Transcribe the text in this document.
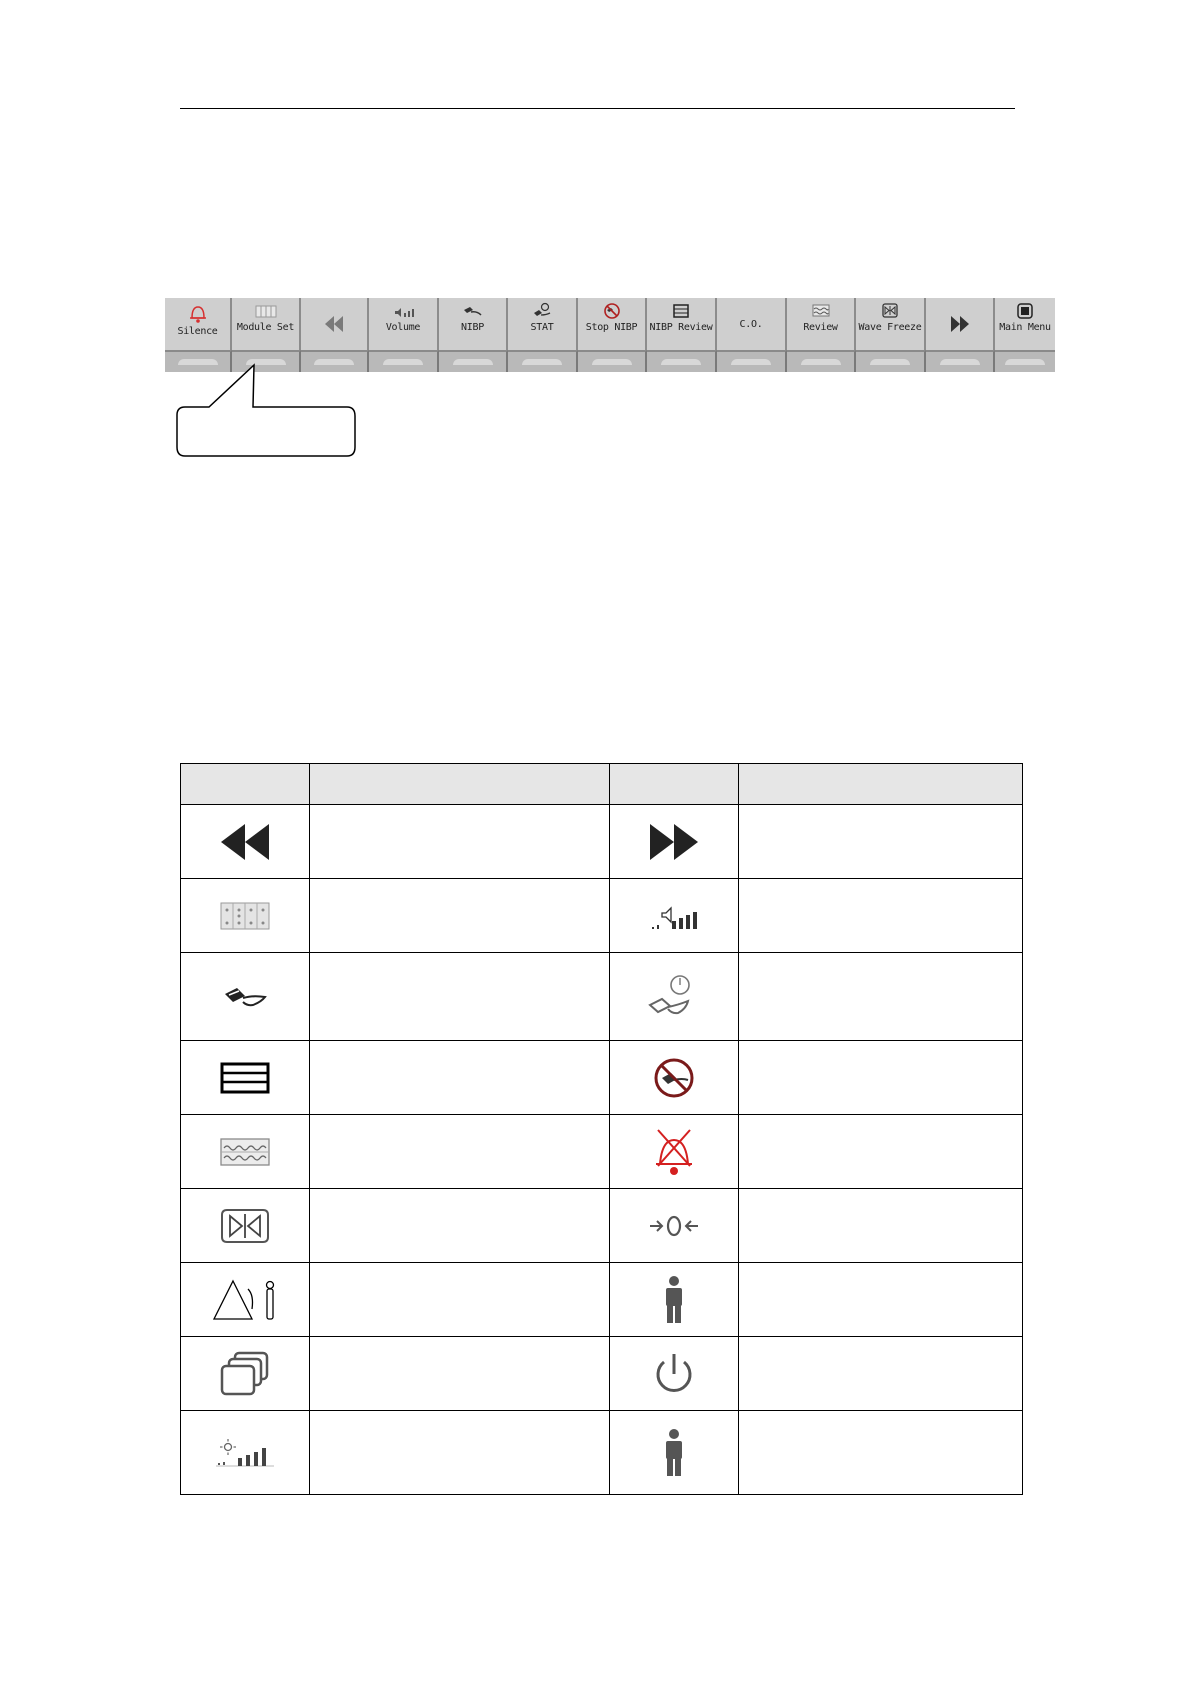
Silence Module Set	Volume	NIBP	STAT	Stop NIBP NIBP Review	C.O.	Review Wave Freeze	Main Menu
